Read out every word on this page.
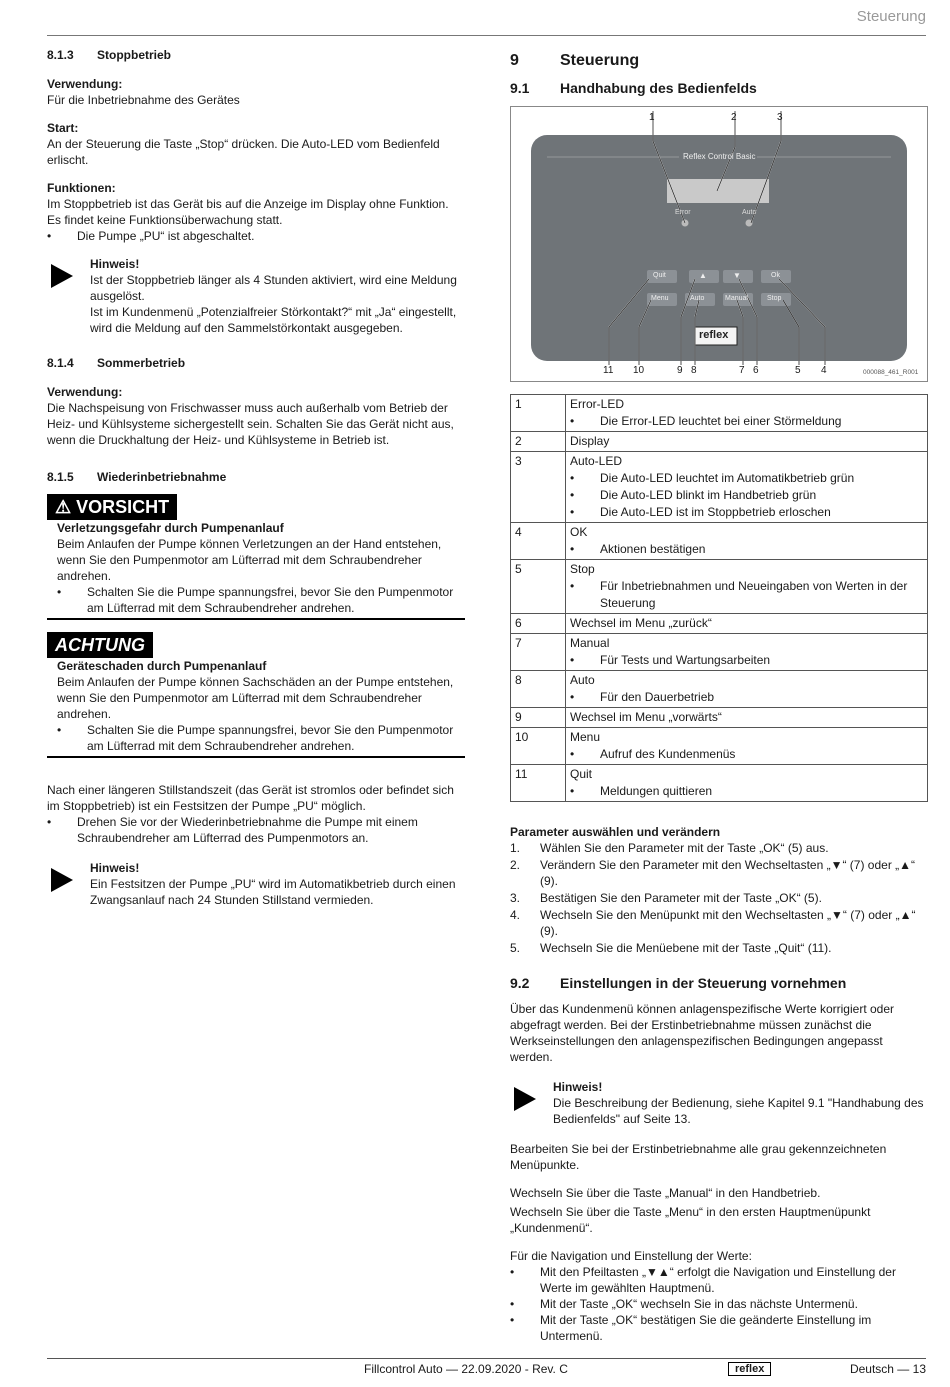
Steuerung
8.1.3 Stoppbetrieb

Verwendung:

Für die Inbetriebnahme des Gerätes

Start:

An der Steuerung die Taste „Stop“ drücken. Die Auto-LED vom Bedienfeld erlischt.

Funktionen:

Im Stoppbetrieb ist das Gerät bis auf die Anzeige im Display ohne Funktion. Es findet keine Funktionsüberwachung statt.

• Die Pumpe „PU“ ist abgeschaltet.

Hinweis!

Ist der Stoppbetrieb länger als 4 Stunden aktiviert, wird eine Meldung ausgelöst.
Ist im Kundenmenü „Potenzialfreier Störkontakt?“ mit „Ja“ eingestellt, wird die Meldung auf den Sammelstörkontakt ausgegeben.

8.1.4 Sommerbetrieb

Verwendung:

Die Nachspeisung von Frischwasser muss auch außerhalb vom Betrieb der Heiz- und Kühlsysteme sichergestellt sein. Schalten Sie das Gerät nicht aus, wenn die Druckhaltung der Heiz- und Kühlsysteme in Betrieb ist.

8.1.5 Wiederinbetriebnahme
⚠ VORSICHT

Verletzungsgefahr durch Pumpenanlauf

Beim Anlaufen der Pumpe können Verletzungen an der Hand entstehen, wenn Sie den Pumpenmotor am Lüfterrad mit dem Schraubendreher andrehen.

• Schalten Sie die Pumpe spannungsfrei, bevor Sie den Pumpenmotor am Lüfterrad mit dem Schraubendreher andrehen.
ACHTUNG

Geräteschaden durch Pumpenanlauf

Beim Anlaufen der Pumpe können Sachschäden an der Pumpe entstehen, wenn Sie den Pumpenmotor am Lüfterrad mit dem Schraubendreher andrehen.

• Schalten Sie die Pumpe spannungsfrei, bevor Sie den Pumpenmotor am Lüfterrad mit dem Schraubendreher andrehen.

Nach einer längeren Stillstandszeit (das Gerät ist stromlos oder befindet sich im Stoppbetrieb) ist ein Festsitzen der Pumpe „PU“ möglich.

• Drehen Sie vor der Wiederinbetriebnahme die Pumpe mit einem Schraubendreher am Lüfterrad des Pumpenmotors an.

Hinweis!

Ein Festsitzen der Pumpe „PU“ wird im Automatikbetrieb durch einen Zwangsanlauf nach 24 Stunden Stillstand vermieden.

9	Steuerung
9.1 Handhabung des Bedienfelds
Reflex Control Basic
Error	Auto
Quit	▲	▼	Ok
Menu	Auto	Manual	Stop
reflex
000088_461_R001
1	2	3
11 10	9 8	7 6	5 4
1	Error-LED
• Die Error-LED leuchtet bei einer Störmeldung

2	Display

3	Auto-LED
• Die Auto-LED leuchtet im Automatikbetrieb grün
• Die Auto-LED blinkt im Handbetrieb grün
• Die Auto-LED ist im Stoppbetrieb erloschen

4	OK
• Aktionen bestätigen

5	Stop
• Für Inbetriebnahmen und Neueingaben von Werten in der Steuerung

6	Wechsel im Menu „zurück“

7	Manual
• Für Tests und Wartungsarbeiten

8	Auto
• Für den Dauerbetrieb

9	Wechsel im Menu „vorwärts“

10	Menu
• Aufruf des Kundenmenüs

11	Quit
• Meldungen quittieren

Parameter auswählen und verändern

1. Wählen Sie den Parameter mit der Taste „OK“ (5) aus.
2. Verändern Sie den Parameter mit den Wechseltasten „▼“ (7) oder „▲“ (9).
3. Bestätigen Sie den Parameter mit der Taste „OK“ (5).
4. Wechseln Sie den Menüpunkt mit den Wechseltasten „▼“ (7) oder „▲“ (9).
5. Wechseln Sie die Menüebene mit der Taste „Quit“ (11).
9.2 Einstellungen in der Steuerung vornehmen

Über das Kundenmenü können anlagenspezifische Werte korrigiert oder abgefragt werden. Bei der Erstinbetriebnahme müssen zunächst die Werkseinstellungen den anlagenspezifischen Bedingungen angepasst werden.

Hinweis!

Die Beschreibung der Bedienung, siehe Kapitel 9.1 "Handhabung des Bedienfelds" auf Seite 13.

Bearbeiten Sie bei der Erstinbetriebnahme alle grau gekennzeichneten Menüpunkte.

Wechseln Sie über die Taste „Manual“ in den Handbetrieb.

Wechseln Sie über die Taste „Menu“ in den ersten Hauptmenüpunkt „Kundenmenü“.

Für die Navigation und Einstellung der Werte:

• Mit den Pfeiltasten „▼▲“ erfolgt die Navigation und Einstellung der Werte im gewählten Hauptmenü.
• Mit der Taste „OK“ wechseln Sie in das nächste Untermenü.
• Mit der Taste „OK“ bestätigen Sie die geänderte Einstellung im Untermenü.
Fillcontrol Auto — 22.09.2020 - Rev. C	reflex	Deutsch — 13
